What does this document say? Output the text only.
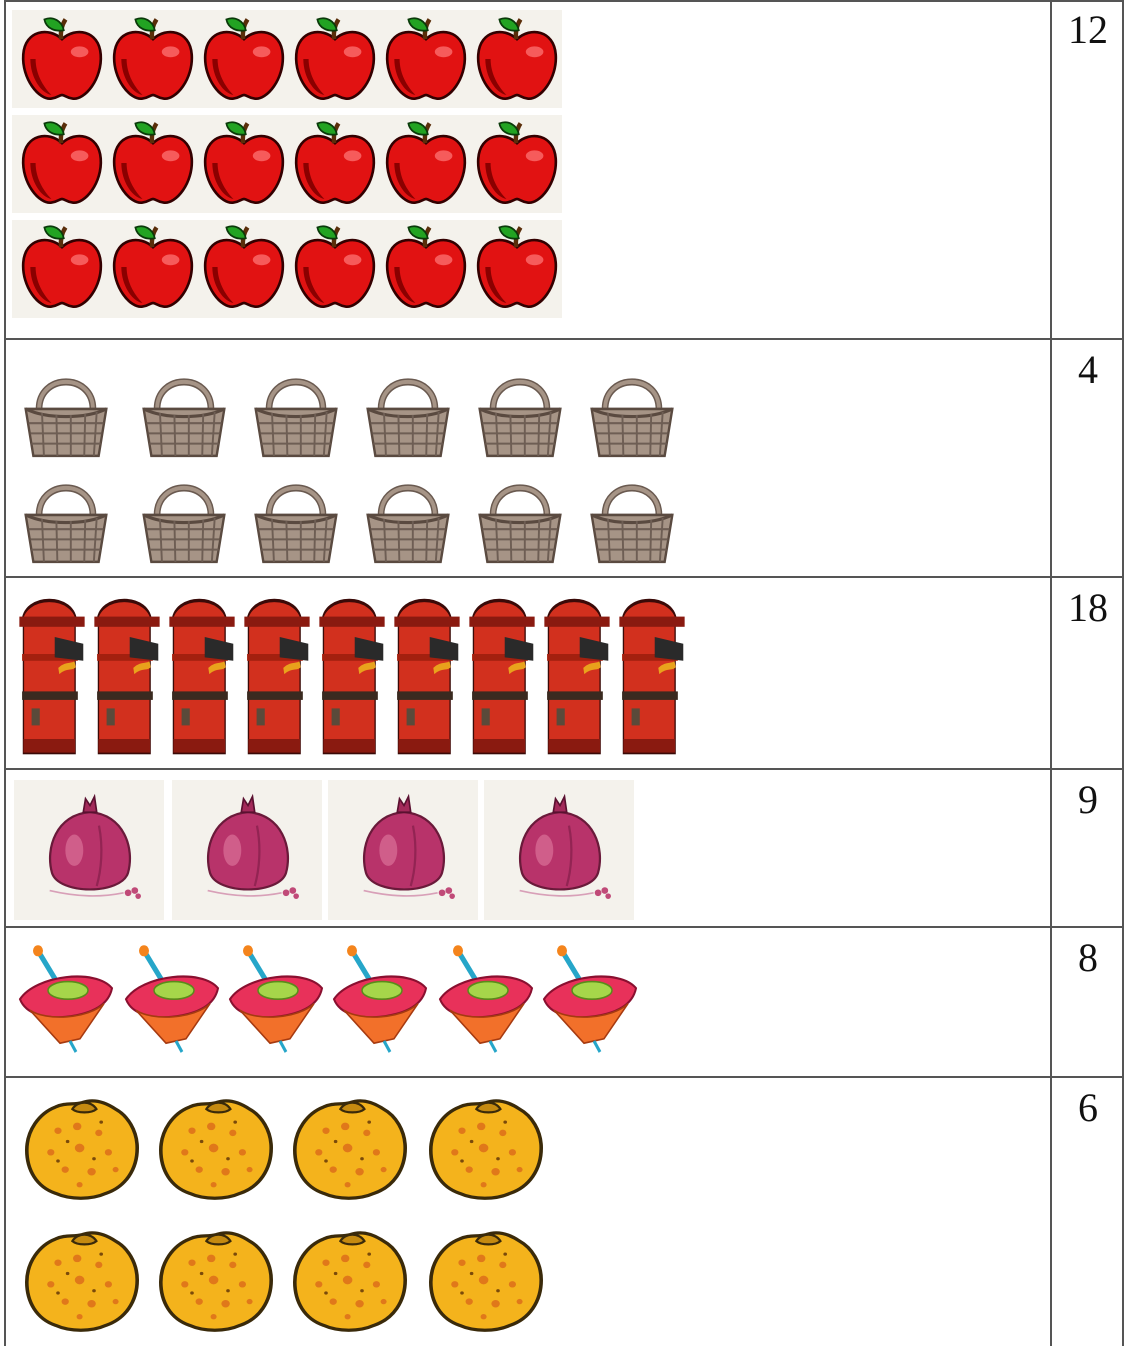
12
4
18
9
8
6
